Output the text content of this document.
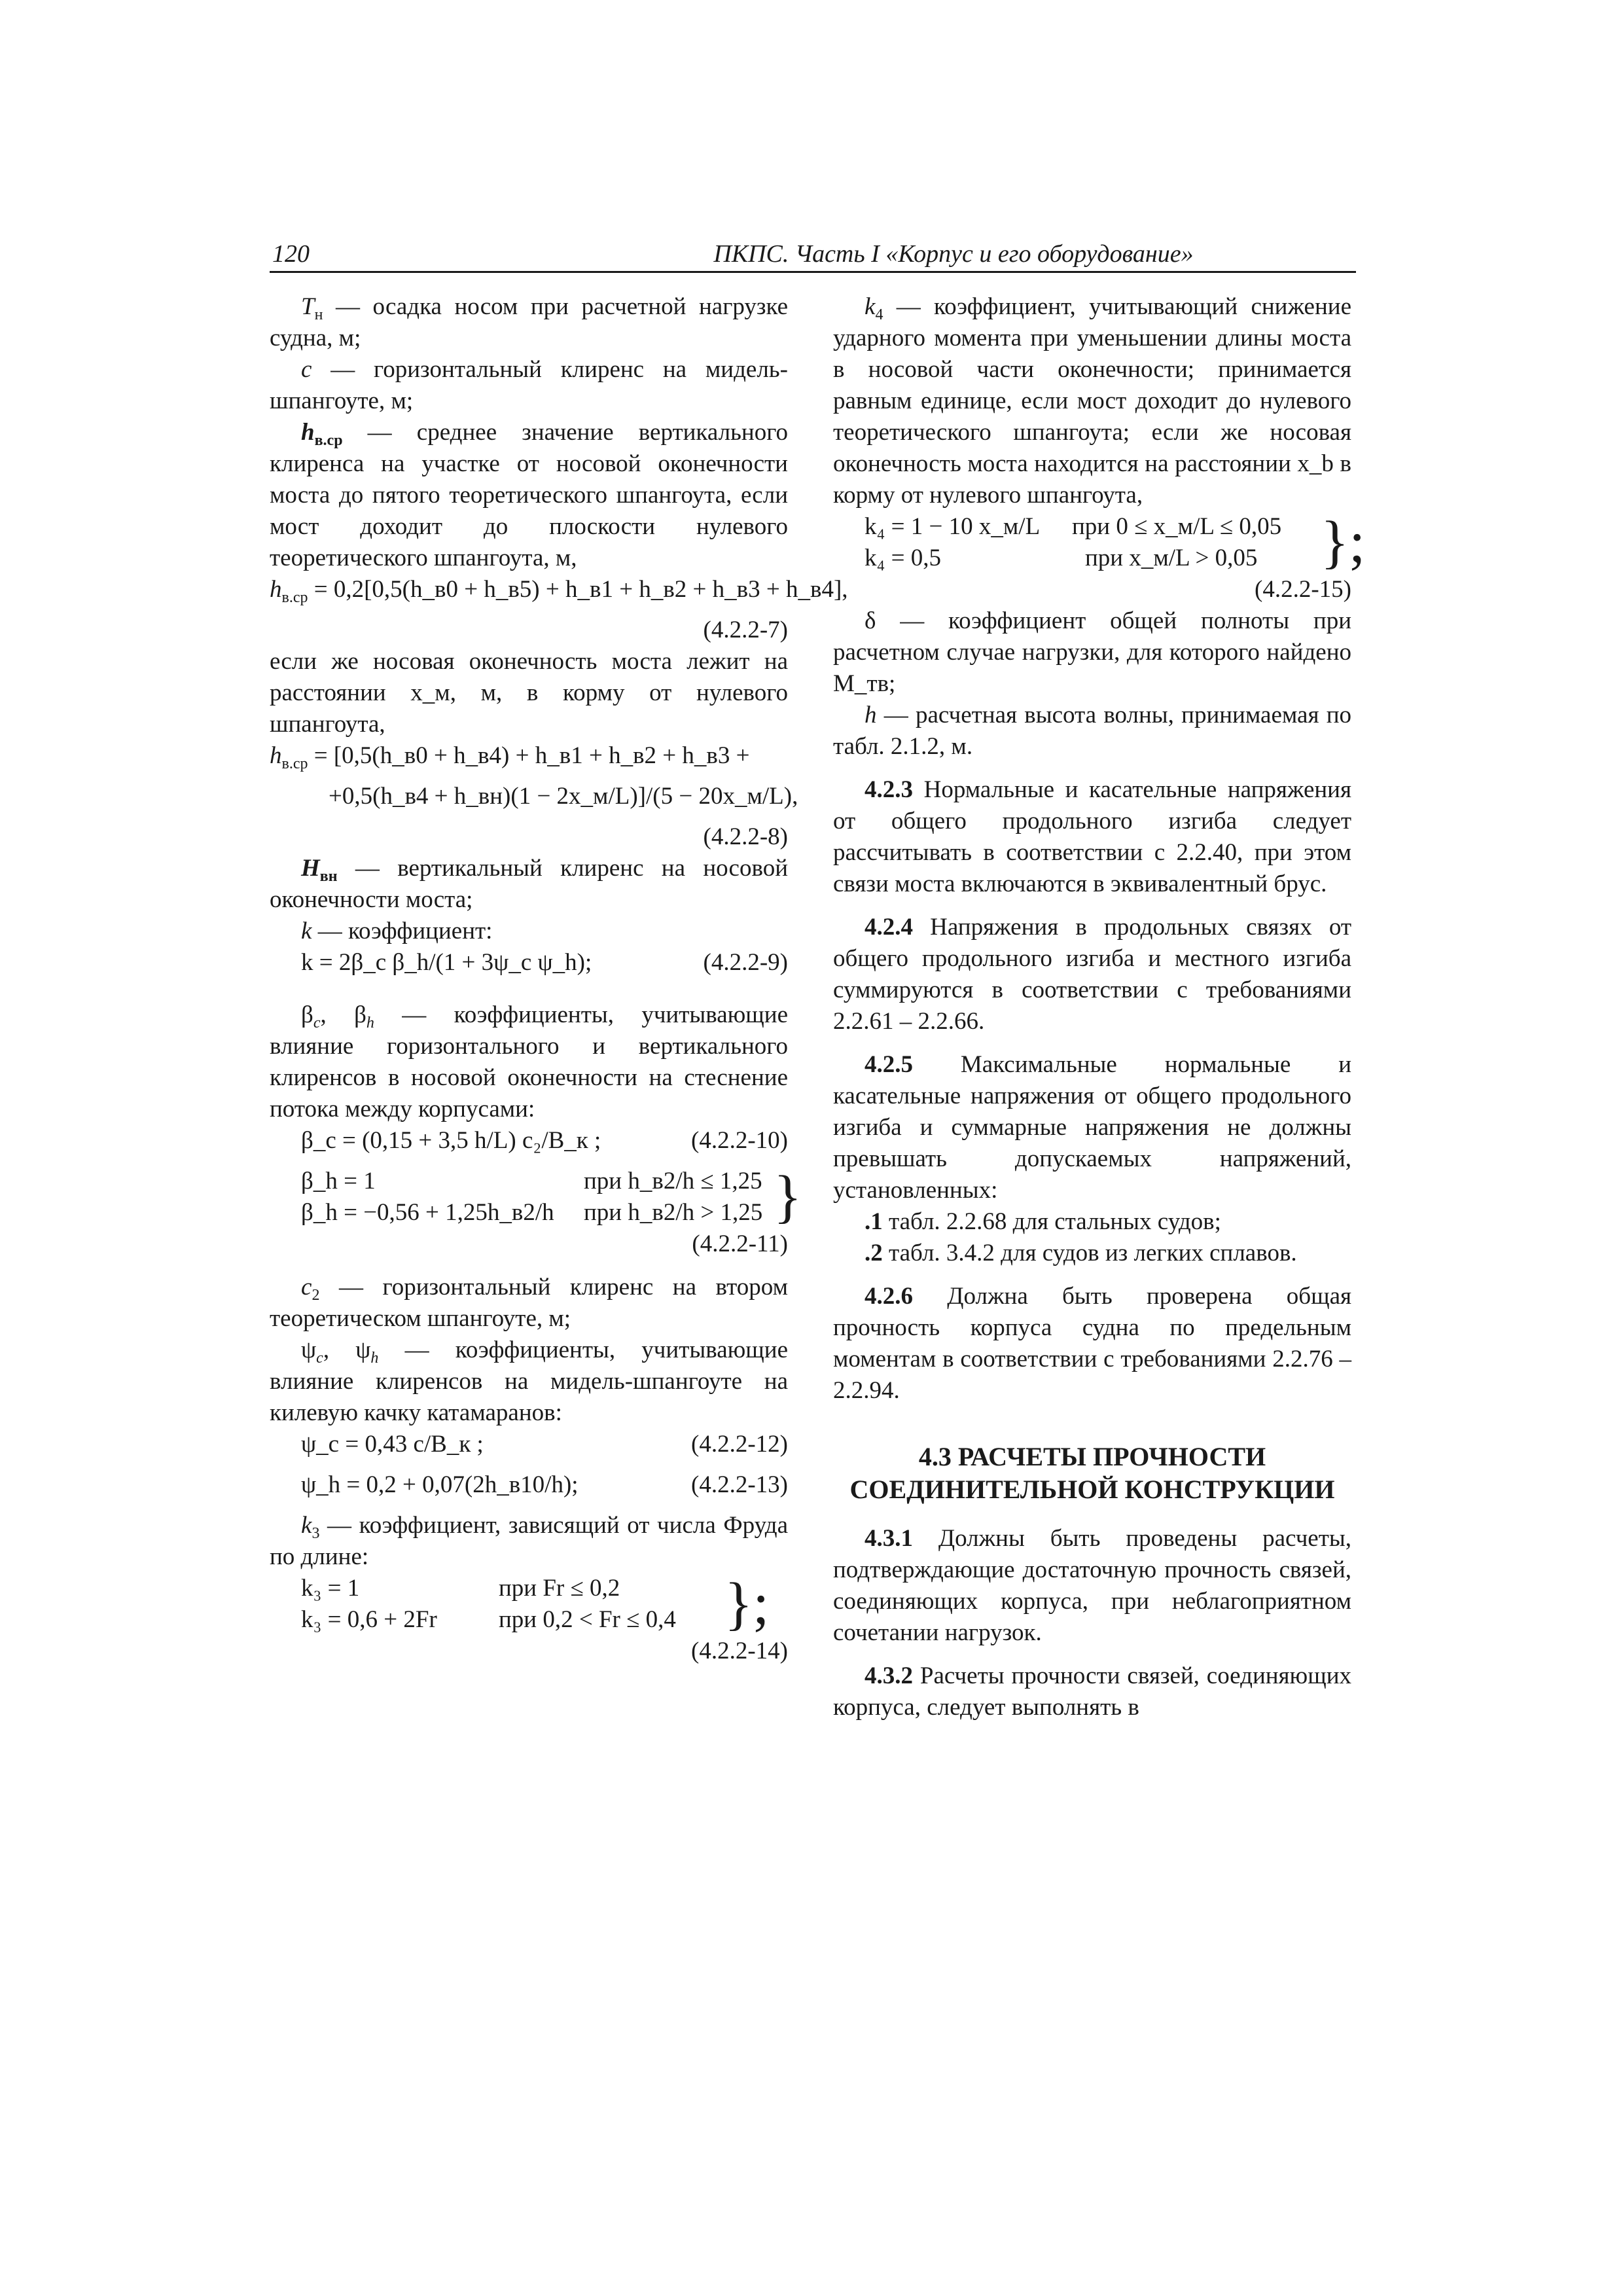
120	ПКПС. Часть I «Корпус и его оборудование»

$T_н$ — осадка носом при расчетной нагрузке судна, м;

c — горизонтальный клиренс на мидель-шпангоуте, м;

$h_{в.ср}$ — среднее значение вертикального клиренса на участке от носовой оконечности моста до пятого теоретического шпангоута, если мост доходит до плоскости нулевого теоретического шпангоута, м,

$h_{в.ср}$ = 0,2[0,5(h_в0 + h_в5) + h_в1 + h_в2 + h_в3 + h_в4],
(4.2.2-7)

если же носовая оконечность моста лежит на расстоянии x_м, м, в корму от нулевого шпангоута,

$h_{в.ср}$ = [0,5(h_в0 + h_в4) + h_в1 + h_в2 + h_в3 +
+0,5(h_в4 + h_вн)(1 − 2x_м/L)]/(5 − 20x_м/L),
(4.2.2-8)

$H_{вн}$ — вертикальный клиренс на носовой оконечности моста;

k — коэффициент:

k = 2β_c β_h/(1 + 3ψ_c ψ_h);	(4.2.2-9)

$\beta_c$, $\beta_h$ — коэффициенты, учитывающие влияние горизонтального и вертикального клиренсов в носовой оконечности на стеснение потока между корпусами:

β_c = (0,15 + 3,5 h/L) c₂/B_к ;	(4.2.2-10)
β_h = 1	при h_в2/h ≤ 1,25
β_h = −0,56 + 1,25h_в2/h при h_в2/h > 1,25 }
(4.2.2-11)

$c_2$ — горизонтальный клиренс на втором теоретическом шпангоуте, м;

$\psi_c$, $\psi_h$ — коэффициенты, учитывающие влияние клиренсов на мидель-шпангоуте на килевую качку катамаранов:

ψ_c = 0,43 c/B_к ;	(4.2.2-12)
ψ_h = 0,2 + 0,07(2h_в10/h);	(4.2.2-13)

$k_3$ — коэффициент, зависящий от числа Фруда по длине:

k₃ = 1	при Fr ≤ 0,2
k₃ = 0,6 + 2Fr	при 0,2 < Fr ≤ 0,4 };
(4.2.2-14)

$k_4$ — коэффициент, учитывающий снижение ударного момента при уменьшении длины моста в носовой части оконечности; принимается равным единице, если мост доходит до нулевого теоретического шпангоута; если же носовая оконечность моста находится на расстоянии x_b в корму от нулевого шпангоута,

k₄ = 1 − 10 x_м/L при 0 ≤ x_м/L ≤ 0,05
k₄ = 0,5	при x_м/L > 0,05 };
(4.2.2-15)

δ — коэффициент общей полноты при расчетном случае нагрузки, для которого найдено M_тв;

h — расчетная высота волны, принимаемая по табл. 2.1.2, м.

4.2.3 Нормальные и касательные напряжения от общего продольного изгиба следует рассчитывать в соответствии с 2.2.40, при этом связи моста включаются в эквивалентный брус.

4.2.4 Напряжения в продольных связях от общего продольного изгиба и местного изгиба суммируются в соответствии с требованиями 2.2.61 – 2.2.66.

4.2.5 Максимальные нормальные и касательные напряжения от общего продольного изгиба и суммарные напряжения не должны превышать допускаемых напряжений, установленных:

.1 табл. 2.2.68 для стальных судов;

.2 табл. 3.4.2 для судов из легких сплавов.

4.2.6 Должна быть проверена общая прочность корпуса судна по предельным моментам в соответствии с требованиями 2.2.76 – 2.2.94.

4.3 РАСЧЕТЫ ПРОЧНОСТИ
СОЕДИНИТЕЛЬНОЙ КОНСТРУКЦИИ

4.3.1 Должны быть проведены расчеты, подтверждающие достаточную прочность связей, соединяющих корпуса, при неблагоприятном сочетании нагрузок.

4.3.2 Расчеты прочности связей, соединяющих корпуса, следует выполнять в
